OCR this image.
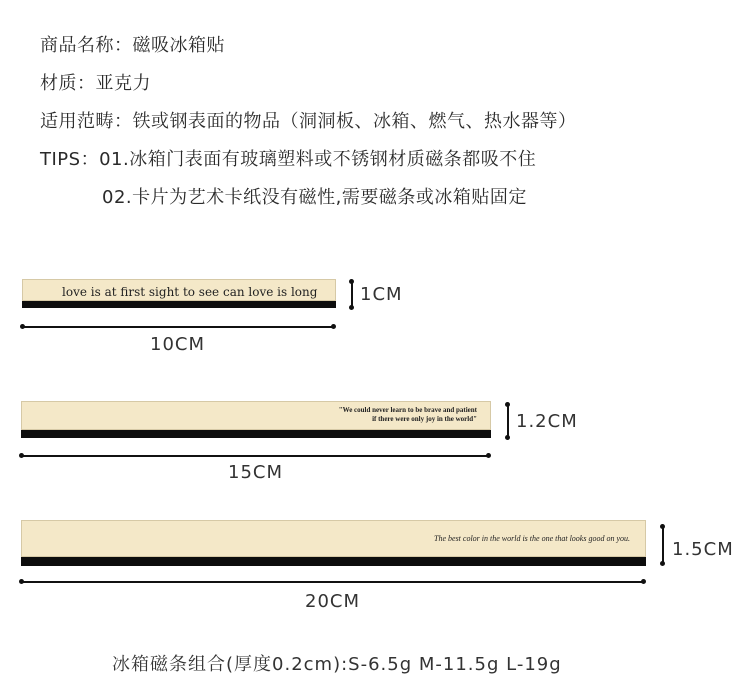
商品名称：磁吸冰箱贴
材质：亚克力
适用范畴：铁或钢表面的物品（洞洞板、冰箱、燃气、热水器等）
TIPS：01.冰箱门表面有玻璃塑料或不锈钢材质磁条都吸不住
02.卡片为艺术卡纸没有磁性,需要磁条或冰箱贴固定
love is at first sight to see can love is long 1CM
10CM
"We could never learn to be brave and patient
if there were only joy in the world" 1.2CM
15CM
The best color in the world is the one that looks good on you.
1.5CM
20CM
冰箱磁条组合(厚度0.2cm):S-6.5g M-11.5g L-19g
